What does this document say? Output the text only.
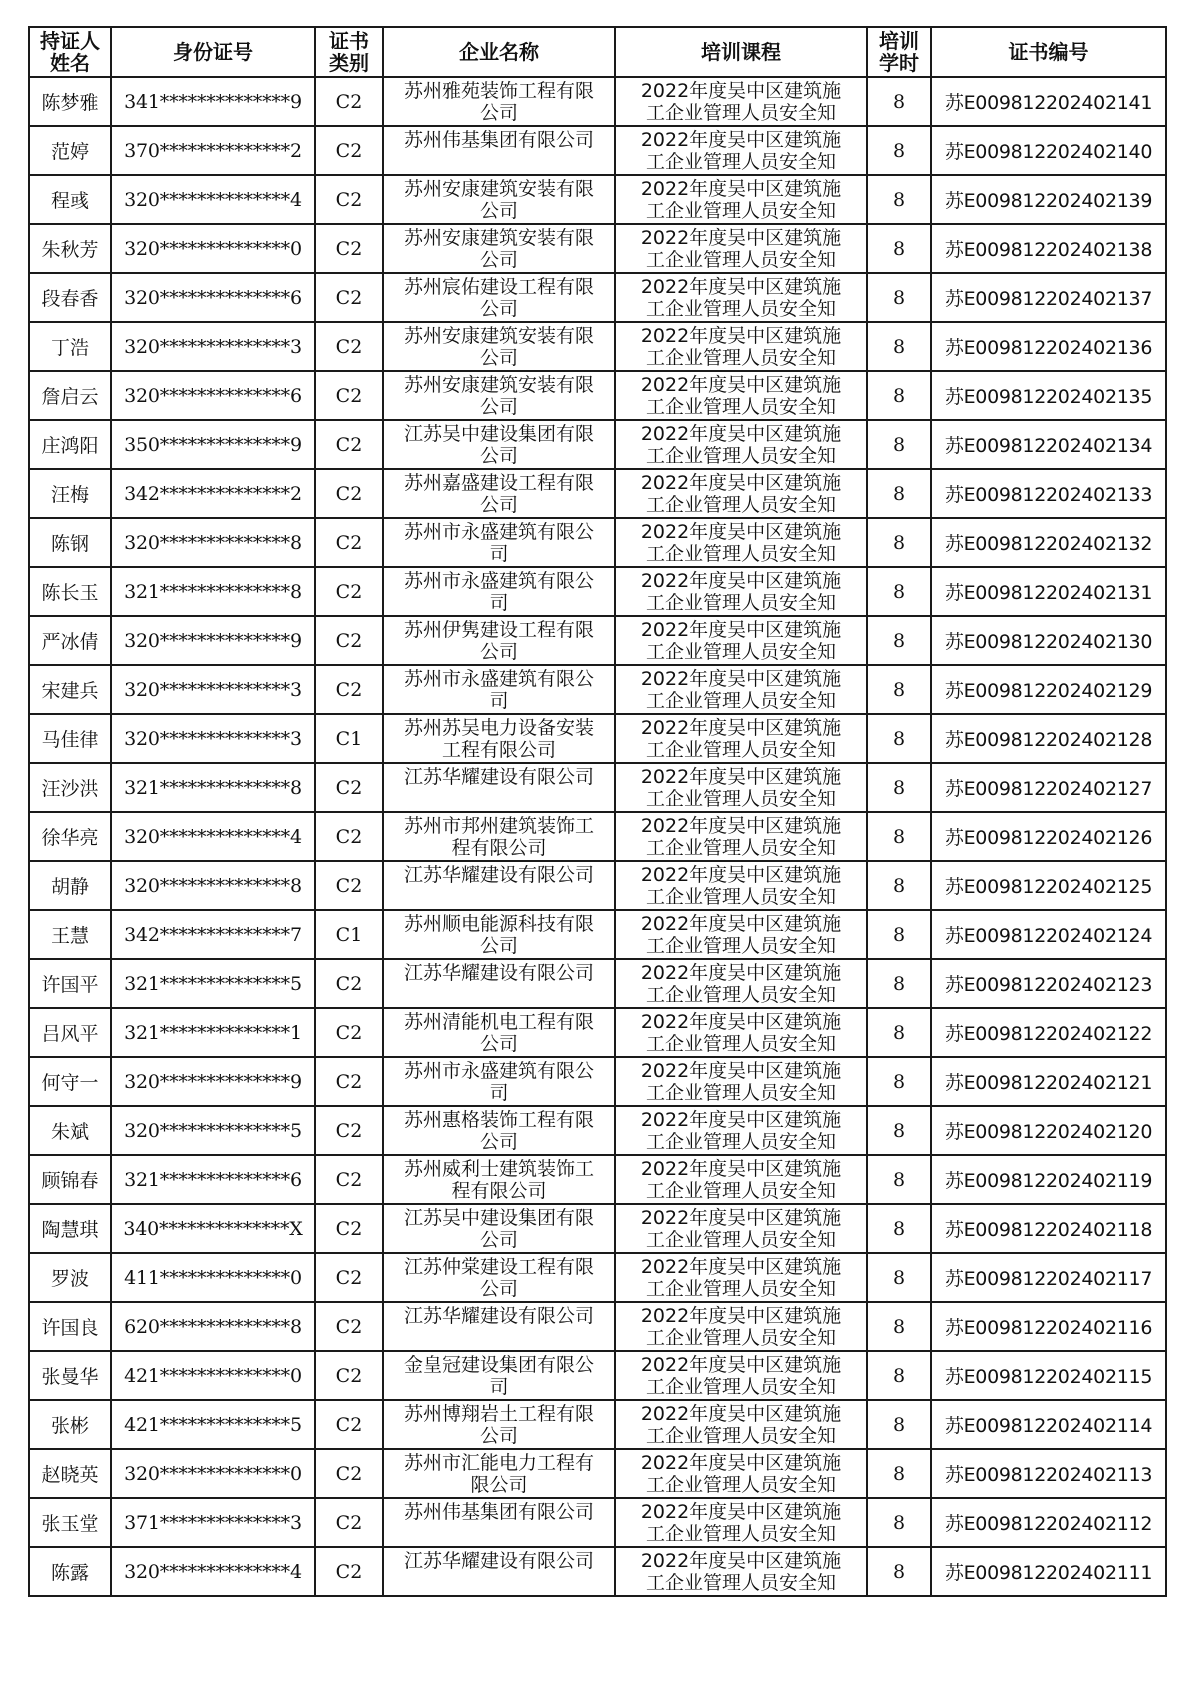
持证人姓名	身份证号	证书类别	企业名称	培训课程	培训学时	证书编号

陈梦雅	341**************9	C2	苏州雅苑装饰工程有限公司	2022年度吴中区建筑施工企业管理人员安全知	8	苏E009812202402141
范婷	370**************2	C2	苏州伟基集团有限公司	2022年度吴中区建筑施工企业管理人员安全知	8	苏E009812202402140
程彧	320**************4	C2	苏州安康建筑安装有限公司	2022年度吴中区建筑施工企业管理人员安全知	8	苏E009812202402139
朱秋芳	320**************0	C2	苏州安康建筑安装有限公司	2022年度吴中区建筑施工企业管理人员安全知	8	苏E009812202402138
段春香	320**************6	C2	苏州宸佑建设工程有限公司	2022年度吴中区建筑施工企业管理人员安全知	8	苏E009812202402137
丁浩	320**************3	C2	苏州安康建筑安装有限公司	2022年度吴中区建筑施工企业管理人员安全知	8	苏E009812202402136
詹启云	320**************6	C2	苏州安康建筑安装有限公司	2022年度吴中区建筑施工企业管理人员安全知	8	苏E009812202402135
庄鸿阳	350**************9	C2	江苏吴中建设集团有限公司	2022年度吴中区建筑施工企业管理人员安全知	8	苏E009812202402134
汪梅	342**************2	C2	苏州嘉盛建设工程有限公司	2022年度吴中区建筑施工企业管理人员安全知	8	苏E009812202402133
陈钢	320**************8	C2	苏州市永盛建筑有限公司	2022年度吴中区建筑施工企业管理人员安全知	8	苏E009812202402132
陈长玉	321**************8	C2	苏州市永盛建筑有限公司	2022年度吴中区建筑施工企业管理人员安全知	8	苏E009812202402131
严冰倩	320**************9	C2	苏州伊隽建设工程有限公司	2022年度吴中区建筑施工企业管理人员安全知	8	苏E009812202402130
宋建兵	320**************3	C2	苏州市永盛建筑有限公司	2022年度吴中区建筑施工企业管理人员安全知	8	苏E009812202402129
马佳律	320**************3	C1	苏州苏吴电力设备安装工程有限公司	2022年度吴中区建筑施工企业管理人员安全知	8	苏E009812202402128
汪沙洪	321**************8	C2	江苏华耀建设有限公司	2022年度吴中区建筑施工企业管理人员安全知	8	苏E009812202402127
徐华亮	320**************4	C2	苏州市邦州建筑装饰工程有限公司	2022年度吴中区建筑施工企业管理人员安全知	8	苏E009812202402126
胡静	320**************8	C2	江苏华耀建设有限公司	2022年度吴中区建筑施工企业管理人员安全知	8	苏E009812202402125
王慧	342**************7	C1	苏州顺电能源科技有限公司	2022年度吴中区建筑施工企业管理人员安全知	8	苏E009812202402124
许国平	321**************5	C2	江苏华耀建设有限公司	2022年度吴中区建筑施工企业管理人员安全知	8	苏E009812202402123
吕风平	321**************1	C2	苏州清能机电工程有限公司	2022年度吴中区建筑施工企业管理人员安全知	8	苏E009812202402122
何守一	320**************9	C2	苏州市永盛建筑有限公司	2022年度吴中区建筑施工企业管理人员安全知	8	苏E009812202402121
朱斌	320**************5	C2	苏州惠格装饰工程有限公司	2022年度吴中区建筑施工企业管理人员安全知	8	苏E009812202402120
顾锦春	321**************6	C2	苏州威利士建筑装饰工程有限公司	2022年度吴中区建筑施工企业管理人员安全知	8	苏E009812202402119
陶慧琪	340**************X	C2	江苏吴中建设集团有限公司	2022年度吴中区建筑施工企业管理人员安全知	8	苏E009812202402118
罗波	411**************0	C2	江苏仲棠建设工程有限公司	2022年度吴中区建筑施工企业管理人员安全知	8	苏E009812202402117
许国良	620**************8	C2	江苏华耀建设有限公司	2022年度吴中区建筑施工企业管理人员安全知	8	苏E009812202402116
张曼华	421**************0	C2	金皇冠建设集团有限公司	2022年度吴中区建筑施工企业管理人员安全知	8	苏E009812202402115
张彬	421**************5	C2	苏州博翔岩土工程有限公司	2022年度吴中区建筑施工企业管理人员安全知	8	苏E009812202402114
赵晓英	320**************0	C2	苏州市汇能电力工程有限公司	2022年度吴中区建筑施工企业管理人员安全知	8	苏E009812202402113
张玉堂	371**************3	C2	苏州伟基集团有限公司	2022年度吴中区建筑施工企业管理人员安全知	8	苏E009812202402112
陈露	320**************4	C2	江苏华耀建设有限公司	2022年度吴中区建筑施工企业管理人员安全知	8	苏E009812202402111
